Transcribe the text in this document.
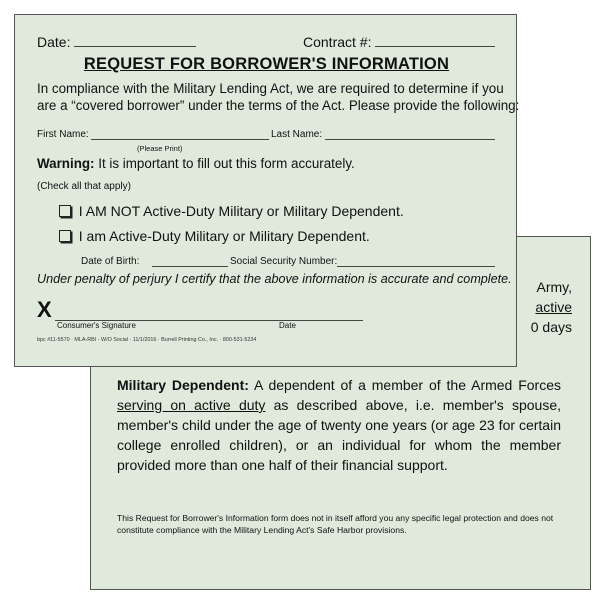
Army,
active
0 days
Military Dependent: A dependent of a member of the Armed Forces serving on active duty as described above, i.e. member's spouse, member's child under the age of twenty one years (or age 23 for certain college enrolled children), or an individual for whom the member provided more than one half of their financial support.
This Request for Borrower's Information form does not in itself afford you any specific legal protection and does not constitute compliance with the Military Lending Act's Safe Harbor provisions.
Date:	Contract #:
REQUEST FOR BORROWER'S INFORMATION
In compliance with the Military Lending Act, we are required to determine if you
are a “covered borrower” under the terms of the Act. Please provide the following:
First Name:
(Please Print)
Last Name:
Warning: It is important to fill out this form accurately.
(Check all that apply)
I AM NOT Active-Duty Military or Military Dependent.
I am Active-Duty Military or Military Dependent.
Date of Birth:	Social Security Number:
Under penalty of perjury I certify that the above information is accurate and complete.
X
Consumer's Signature	Date
bpc #11-5570 · MLA-RBI - W/O Social · 11/1/2016 · Burrell Printing Co., Inc. · 800-531-5234
